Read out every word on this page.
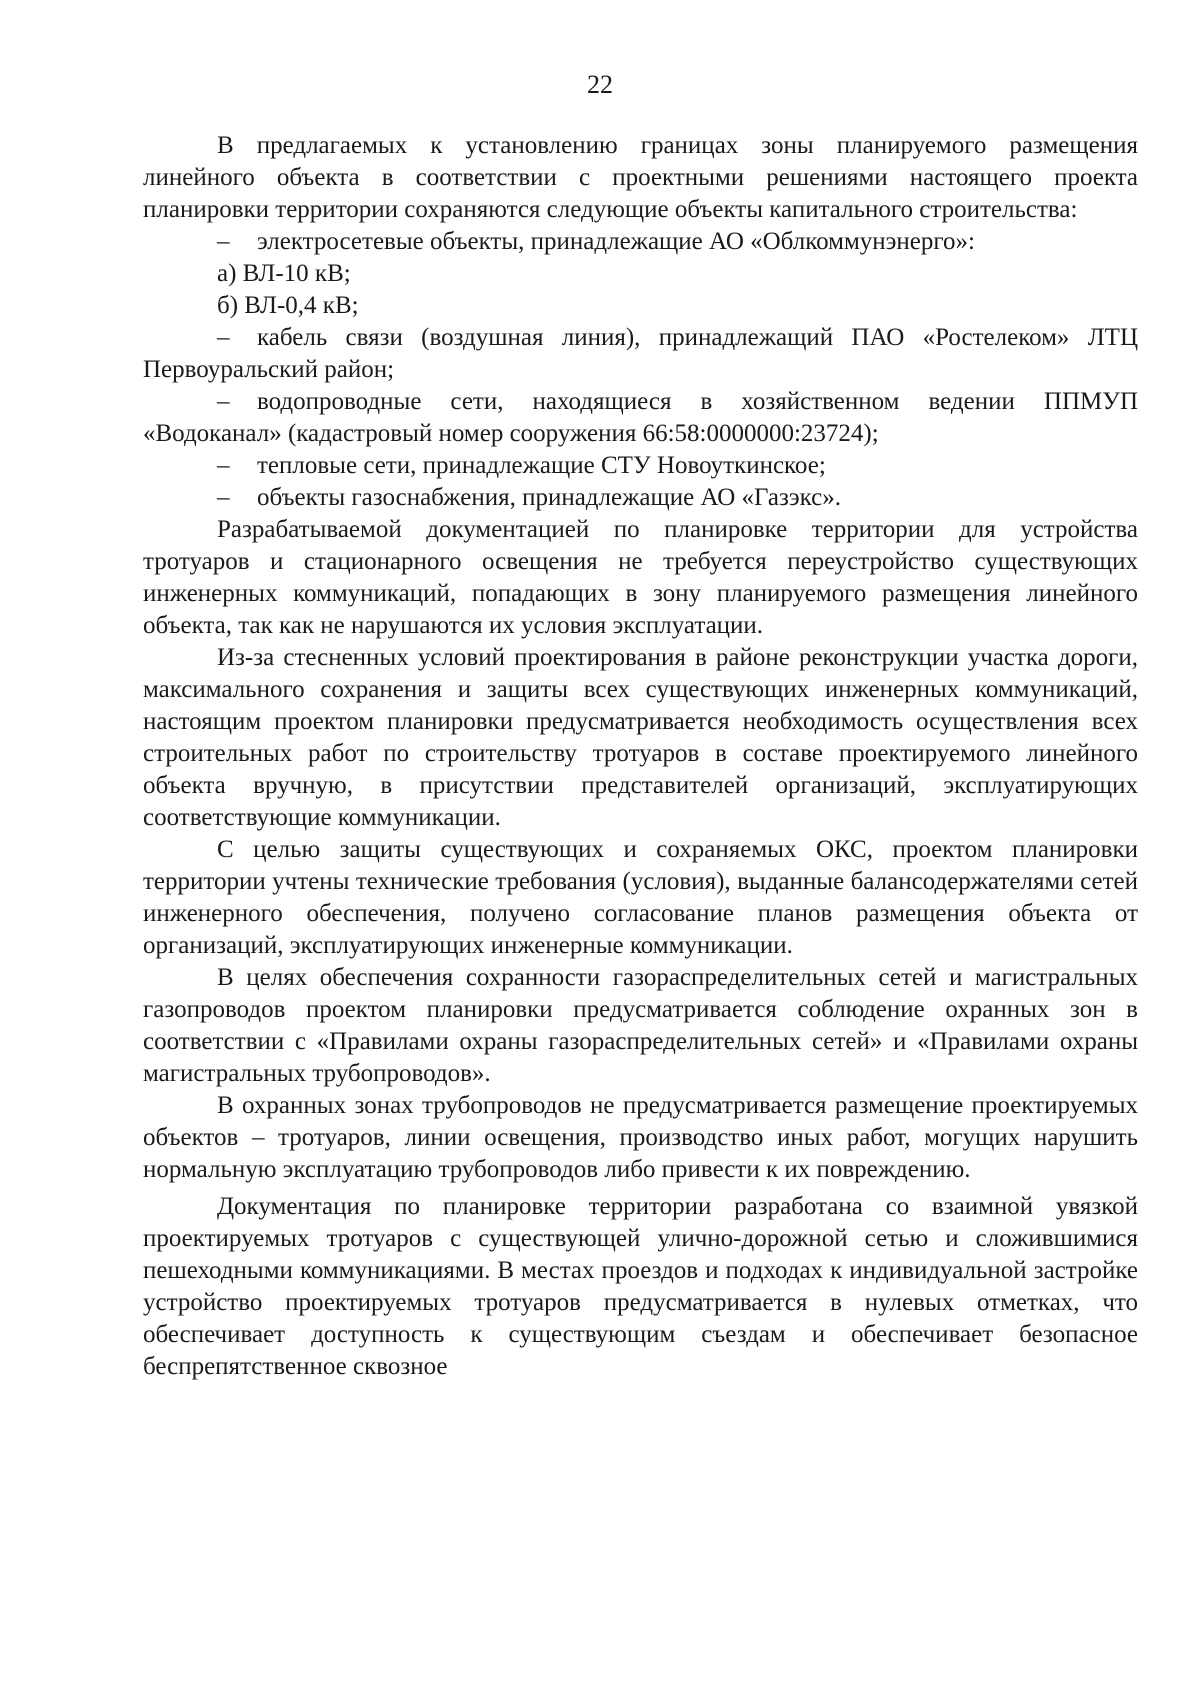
22

В предлагаемых к установлению границах зоны планируемого размещения линейного объекта в соответствии с проектными решениями настоящего проекта планировки территории сохраняются следующие объекты капитального строительства:

– электросетевые объекты, принадлежащие АО «Облкоммунэнерго»:

а) ВЛ-10 кВ;

б) ВЛ-0,4 кВ;

– кабель связи (воздушная линия), принадлежащий ПАО «Ростелеком» ЛТЦ Первоуральский район;

– водопроводные сети, находящиеся в хозяйственном ведении ППМУП «Водоканал» (кадастровый номер сооружения 66:58:0000000:23724);

– тепловые сети, принадлежащие СТУ Новоуткинское;

– объекты газоснабжения, принадлежащие АО «Газэкс».

Разрабатываемой документацией по планировке территории для устройства тротуаров и стационарного освещения не требуется переустройство существующих инженерных коммуникаций, попадающих в зону планируемого размещения линейного объекта, так как не нарушаются их условия эксплуатации.

Из-за стесненных условий проектирования в районе реконструкции участка дороги, максимального сохранения и защиты всех существующих инженерных коммуникаций, настоящим проектом планировки предусматривается необходимость осуществления всех строительных работ по строительству тротуаров в составе проектируемого линейного объекта вручную, в присутствии представителей организаций, эксплуатирующих соответствующие коммуникации.

С целью защиты существующих и сохраняемых ОКС, проектом планировки территории учтены технические требования (условия), выданные балансодержателями сетей инженерного обеспечения, получено согласование планов размещения объекта от организаций, эксплуатирующих инженерные коммуникации.

В целях обеспечения сохранности газораспределительных сетей и магистральных газопроводов проектом планировки предусматривается соблюдение охранных зон в соответствии с «Правилами охраны газораспределительных сетей» и «Правилами охраны магистральных трубопроводов».

В охранных зонах трубопроводов не предусматривается размещение проектируемых объектов – тротуаров, линии освещения, производство иных работ, могущих нарушить нормальную эксплуатацию трубопроводов либо привести к их повреждению.

Документация по планировке территории разработана со взаимной увязкой проектируемых тротуаров с существующей улично-дорожной сетью и сложившимися пешеходными коммуникациями. В местах проездов и подходах к индивидуальной застройке устройство проектируемых тротуаров предусматривается в нулевых отметках, что обеспечивает доступность к существующим съездам и обеспечивает безопасное беспрепятственное сквозное
